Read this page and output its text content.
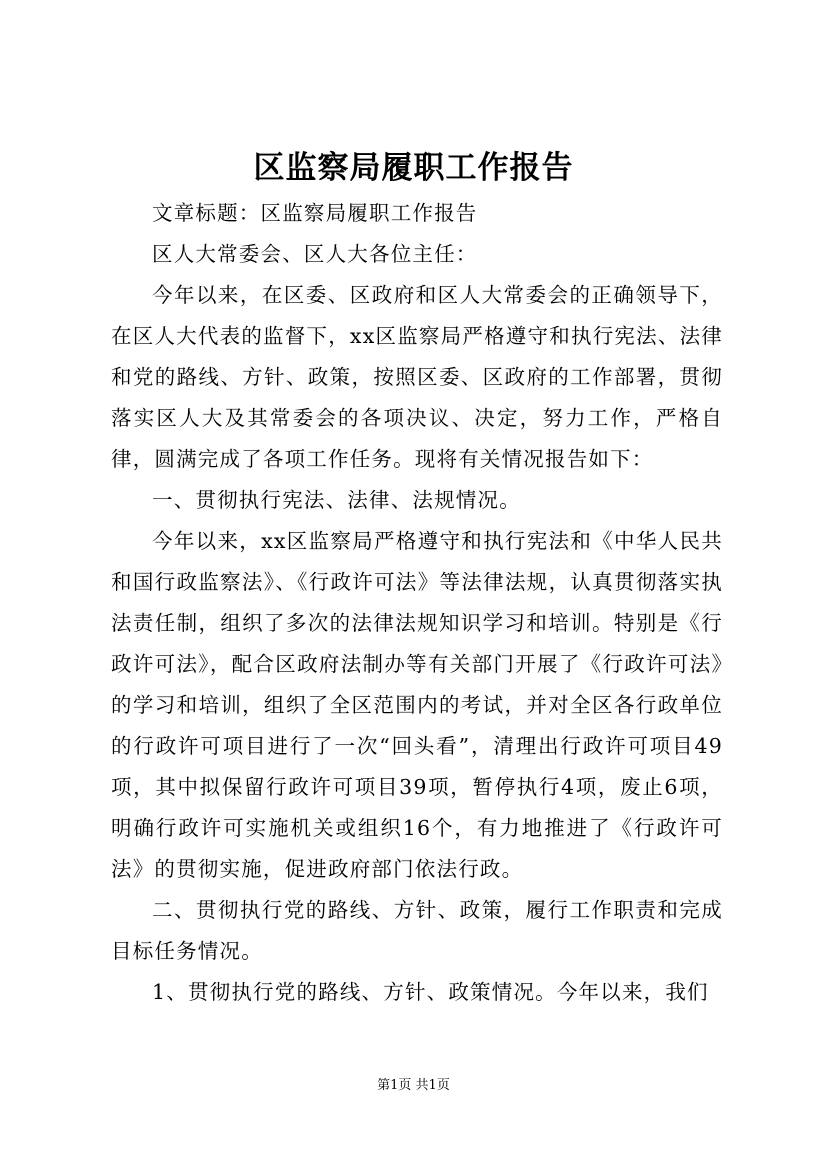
区监察局履职工作报告

文章标题：区监察局履职工作报告

区人大常委会、区人大各位主任：

今年以来，在区委、区政府和区人大常委会的正确领导下，在区人大代表的监督下，xx区监察局严格遵守和执行宪法、法律和党的路线、方针、政策，按照区委、区政府的工作部署，贯彻落实区人大及其常委会的各项决议、决定，努力工作，严格自律，圆满完成了各项工作任务。现将有关情况报告如下：

一、贯彻执行宪法、法律、法规情况。

今年以来，xx区监察局严格遵守和执行宪法和《中华人民共和国行政监察法》、《行政许可法》等法律法规，认真贯彻落实执法责任制，组织了多次的法律法规知识学习和培训。特别是《行政许可法》，配合区政府法制办等有关部门开展了《行政许可法》的学习和培训，组织了全区范围内的考试，并对全区各行政单位的行政许可项目进行了一次“回头看”，清理出行政许可项目49项，其中拟保留行政许可项目39项，暂停执行4项，废止6项，明确行政许可实施机关或组织16个，有力地推进了《行政许可法》的贯彻实施，促进政府部门依法行政。

二、贯彻执行党的路线、方针、政策，履行工作职责和完成目标任务情况。

1、贯彻执行党的路线、方针、政策情况。今年以来，我们

第1页 共1页
